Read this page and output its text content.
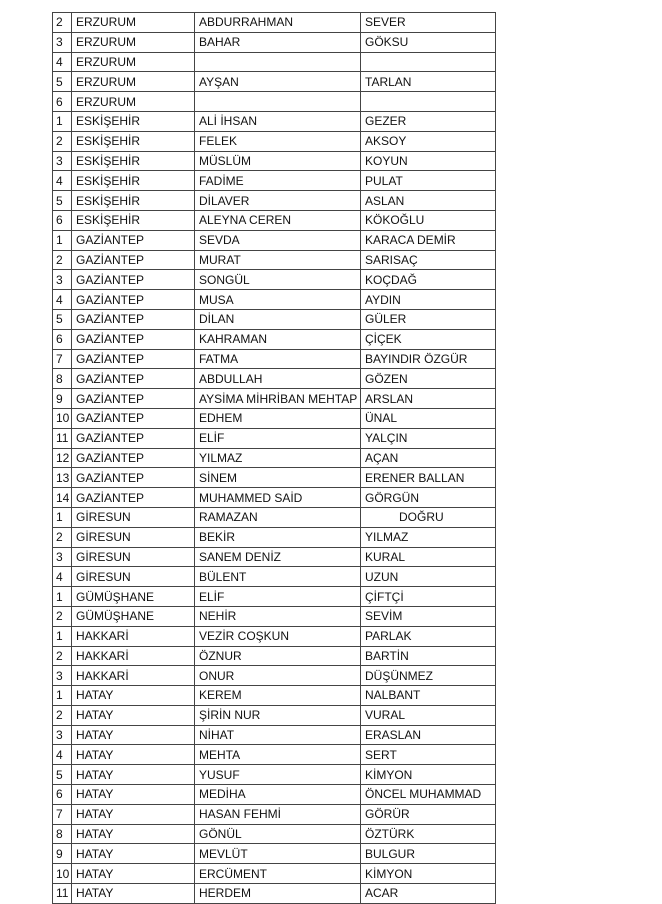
2	ERZURUM	ABDURRAHMAN	SEVER
3	ERZURUM	BAHAR	GÖKSU
4	ERZURUM		
5	ERZURUM	AYŞAN	TARLAN
6	ERZURUM		
1	ESKİŞEHİR	ALİ İHSAN	GEZER
2	ESKİŞEHİR	FELEK	AKSOY
3	ESKİŞEHİR	MÜSLÜM	KOYUN
4	ESKİŞEHİR	FADİME	PULAT
5	ESKİŞEHİR	DİLAVER	ASLAN
6	ESKİŞEHİR	ALEYNA CEREN	KÖKOĞLU
1	GAZİANTEP	SEVDA	KARACA DEMİR
2	GAZİANTEP	MURAT	SARISAÇ
3	GAZİANTEP	SONGÜL	KOÇDAĞ
4	GAZİANTEP	MUSA	AYDIN
5	GAZİANTEP	DİLAN	GÜLER
6	GAZİANTEP	KAHRAMAN	ÇİÇEK
7	GAZİANTEP	FATMA	BAYINDIR ÖZGÜR
8	GAZİANTEP	ABDULLAH	GÖZEN
9	GAZİANTEP	AYSİMA MİHRİBAN MEHTAP	ARSLAN
10	GAZİANTEP	EDHEM	ÜNAL
11	GAZİANTEP	ELİF	YALÇIN
12	GAZİANTEP	YILMAZ	AÇAN
13	GAZİANTEP	SİNEM	ERENER BALLAN
14	GAZİANTEP	MUHAMMED SAİD	GÖRGÜN
1	GİRESUN	RAMAZAN	DOĞRU
2	GİRESUN	BEKİR	YILMAZ
3	GİRESUN	SANEM DENİZ	KURAL
4	GİRESUN	BÜLENT	UZUN
1	GÜMÜŞHANE	ELİF	ÇİFTÇİ
2	GÜMÜŞHANE	NEHİR	SEVİM
1	HAKKARİ	VEZİR COŞKUN	PARLAK
2	HAKKARİ	ÖZNUR	BARTİN
3	HAKKARİ	ONUR	DÜŞÜNMEZ
1	HATAY	KEREM	NALBANT
2	HATAY	ŞİRİN NUR	VURAL
3	HATAY	NİHAT	ERASLAN
4	HATAY	MEHTA	SERT
5	HATAY	YUSUF	KİMYON
6	HATAY	MEDİHA	ÖNCEL MUHAMMAD
7	HATAY	HASAN FEHMİ	GÖRÜR
8	HATAY	GÖNÜL	ÖZTÜRK
9	HATAY	MEVLÜT	BULGUR
10	HATAY	ERCÜMENT	KİMYON
11	HATAY	HERDEM	ACAR
